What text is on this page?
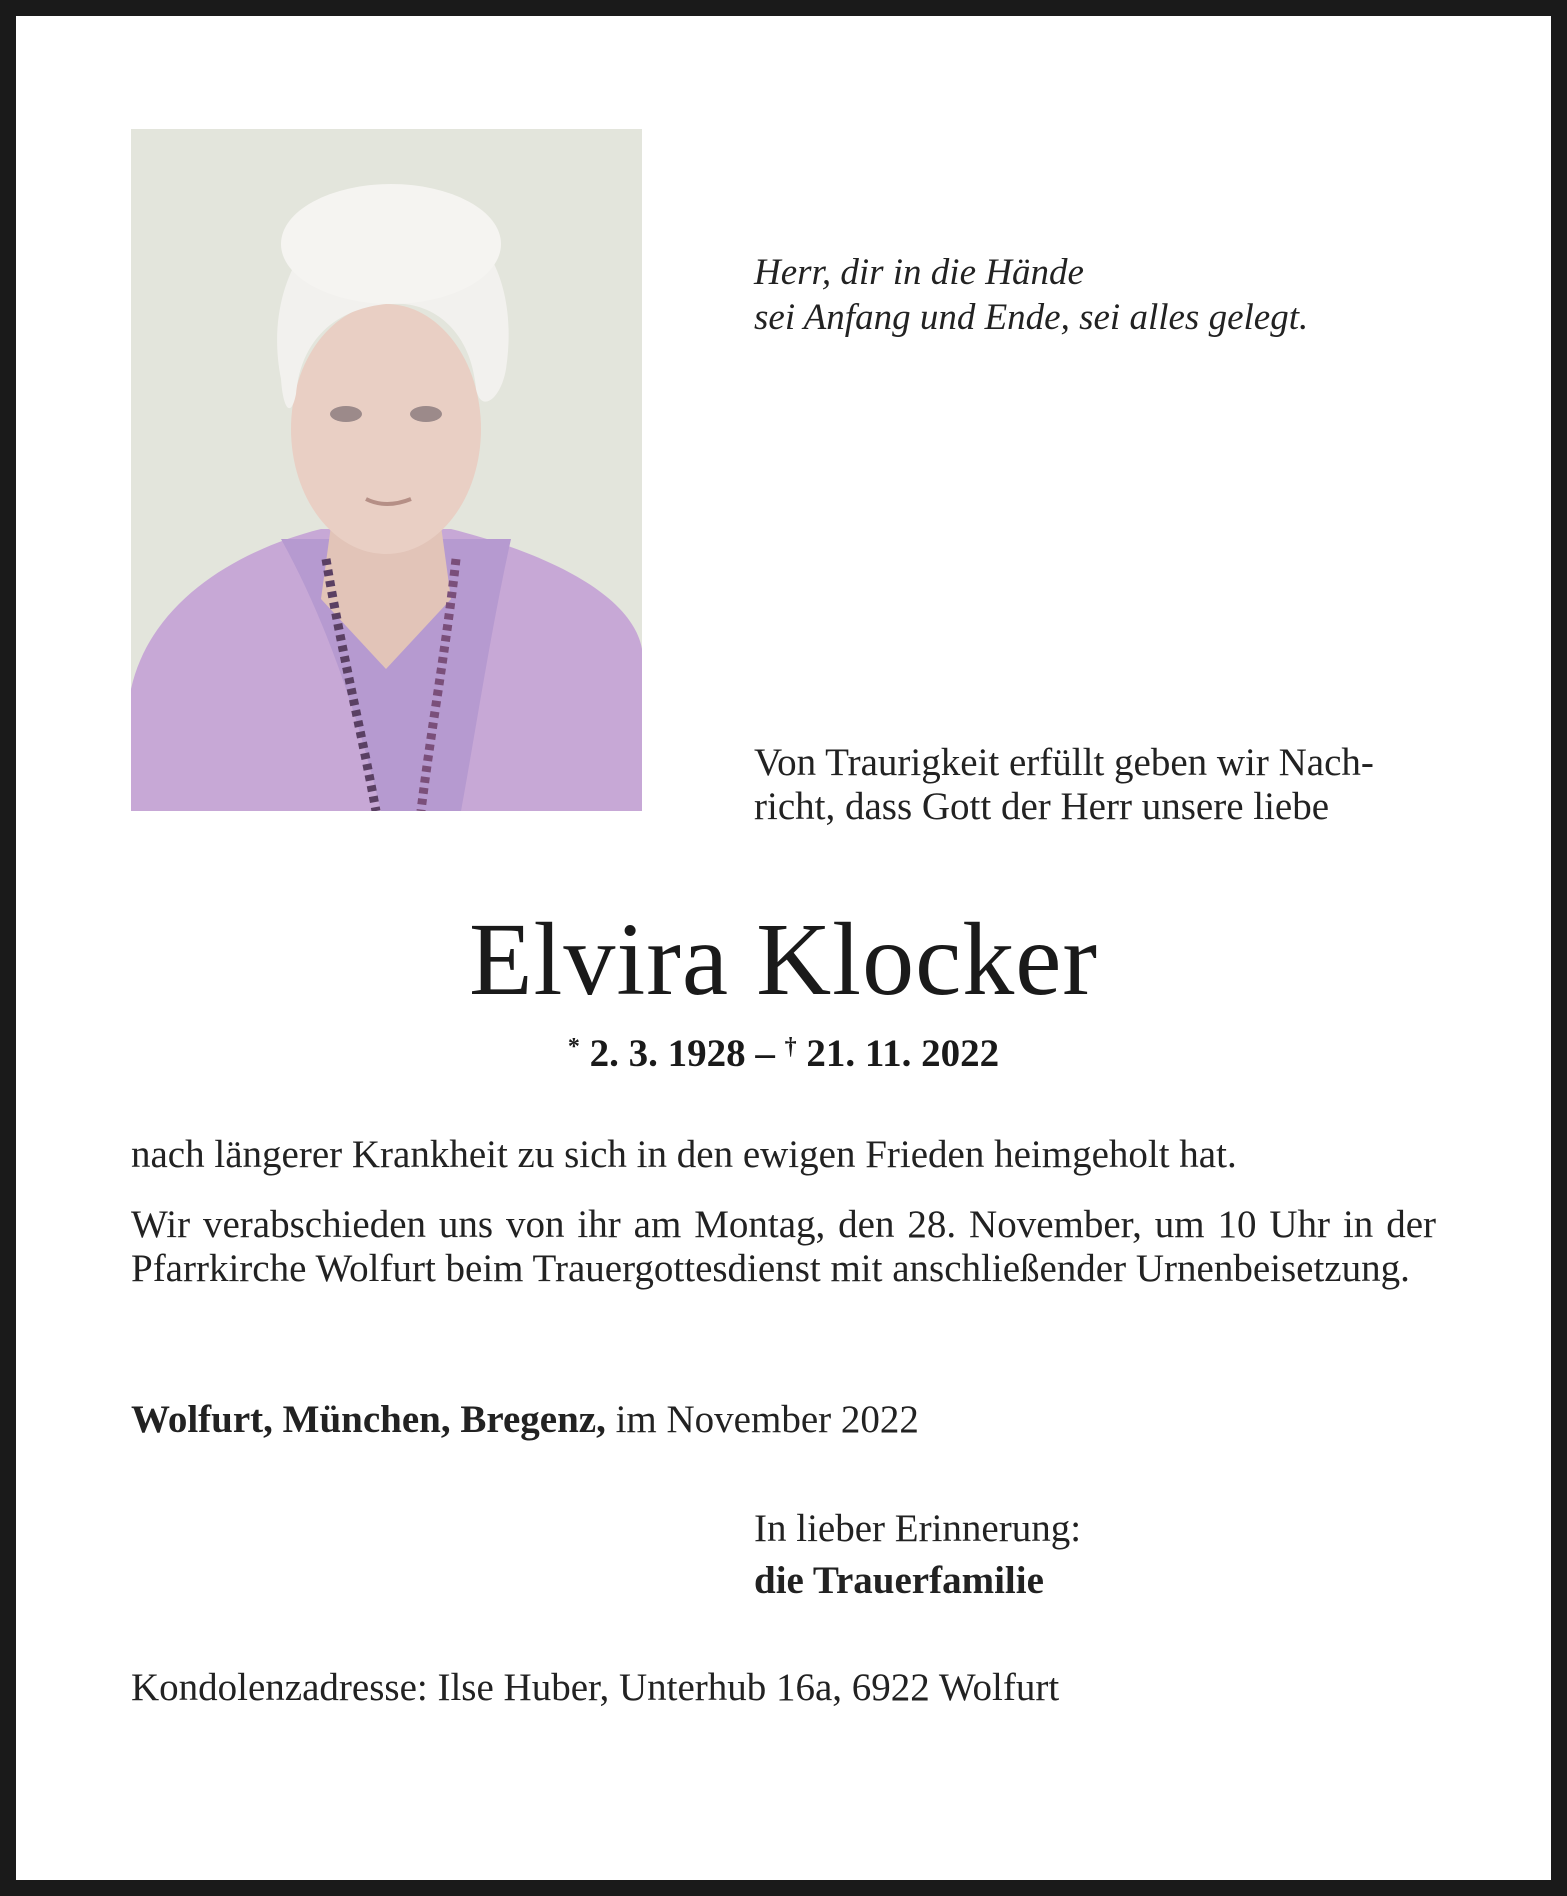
Herr, dir in die Hände
sei Anfang und Ende, sei alles gelegt.
Von Traurigkeit erfüllt geben wir Nach-
richt, dass Gott der Herr unsere liebe
Elvira Klocker
* 2. 3. 1928 – † 21. 11. 2022
nach längerer Krankheit zu sich in den ewigen Frieden heimgeholt hat.
Wir verabschieden uns von ihr am Montag, den 28. November, um 10 Uhr in der Pfarrkirche Wolfurt beim Trauergottesdienst mit anschließender Urnenbeisetzung.
Wolfurt, München, Bregenz, im November 2022
In lieber Erinnerung:
die Trauerfamilie
Kondolenzadresse: Ilse Huber, Unterhub 16a, 6922 Wolfurt
